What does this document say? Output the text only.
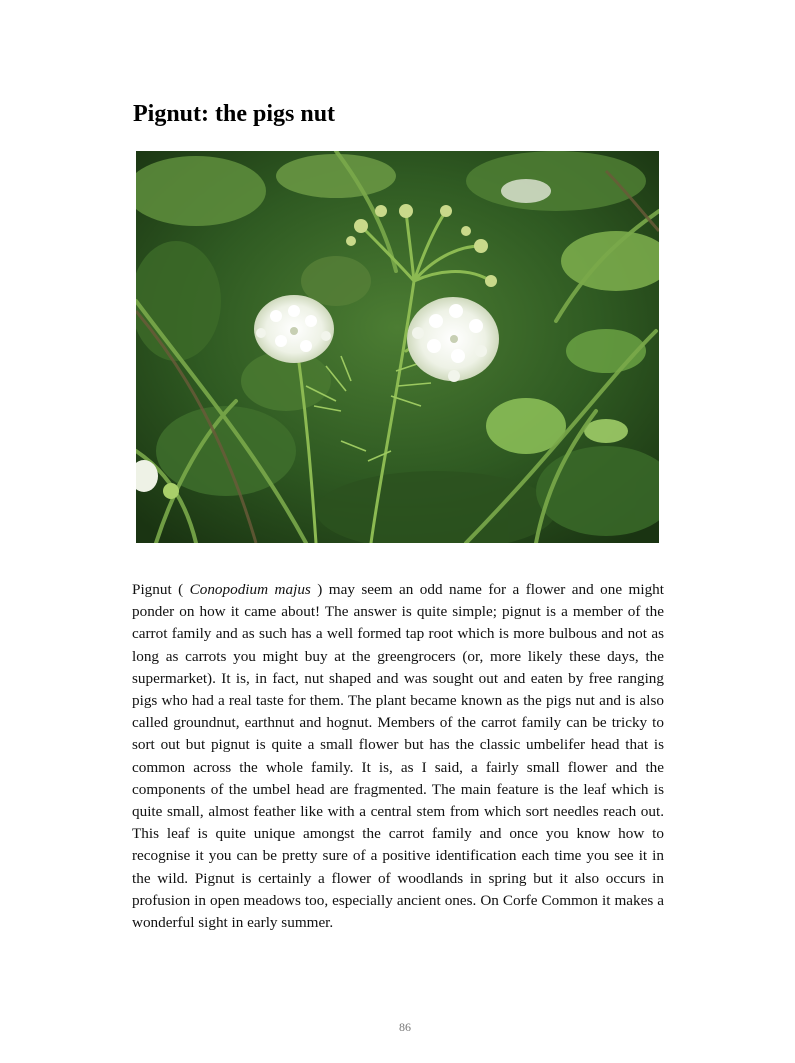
Pignut: the pigs nut

Pignut ( Conopodium majus ) may seem an odd name for a flower and one might ponder on how it came about! The answer is quite simple; pignut is a member of the carrot family and as such has a well formed tap root which is more bulbous and not as long as carrots you might buy at the greengrocers (or, more likely these days, the supermarket). It is, in fact, nut shaped and was sought out and eaten by free ranging pigs who had a real taste for them. The plant became known as the pigs nut and is also called groundnut, earthnut and hognut. Members of the carrot family can be tricky to sort out but pignut is quite a small flower but has the classic umbelifer head that is common across the whole family. It is, as I said, a fairly small flower and the components of the umbel head are fragmented. The main feature is the leaf which is quite small, almost feather like with a central stem from which sort needles reach out. This leaf is quite unique amongst the carrot family and once you know how to recognise it you can be pretty sure of a positive identification each time you see it in the wild. Pignut is certainly a flower of woodlands in spring but it also occurs in profusion in open meadows too, especially ancient ones. On Corfe Common it makes a wonderful sight in early summer.

86
